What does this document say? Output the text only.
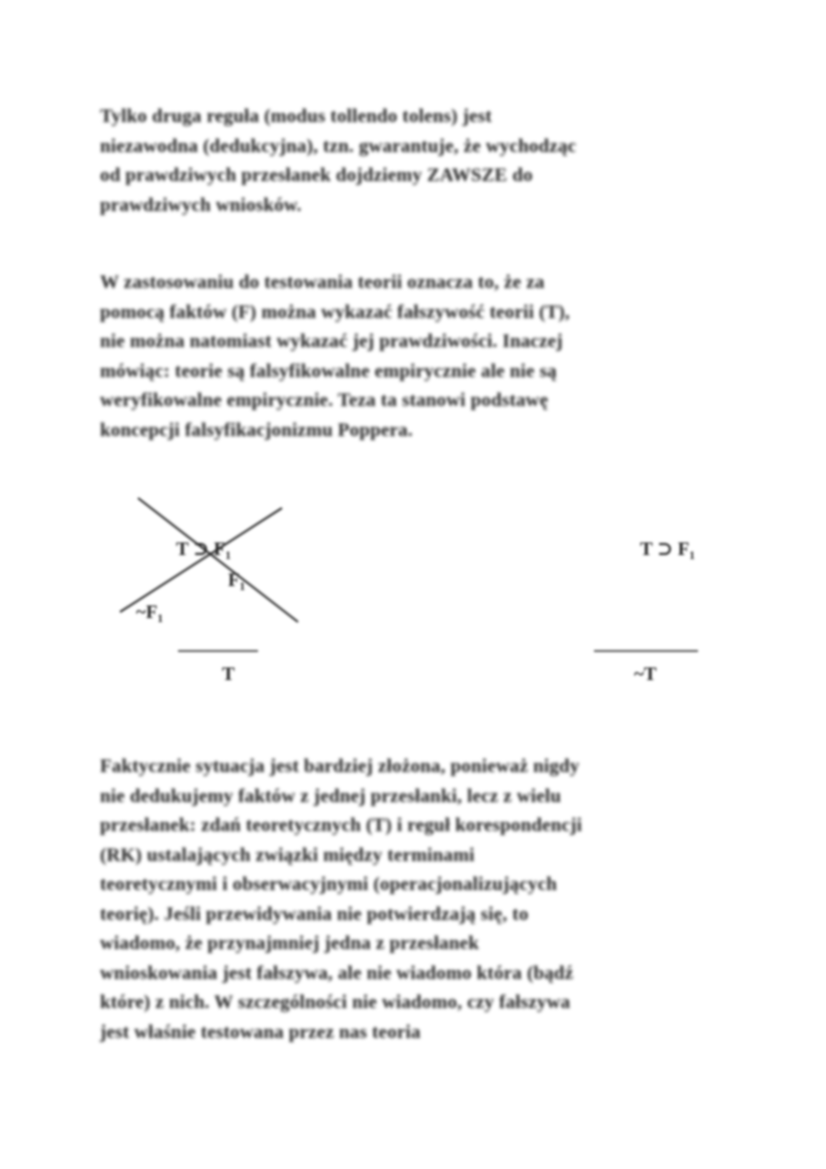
Tylko druga reguła (modus tollendo tolens) jest
niezawodna (dedukcyjna), tzn. gwarantuje, że wychodząc
od prawdziwych przesłanek dojdziemy ZAWSZE do
prawdziwych wniosków.
W zastosowaniu do testowania teorii oznacza to, że za
pomocą faktów (F) można wykazać fałszywość teorii (T),
nie można natomiast wykazać jej prawdziwości. Inaczej
mówiąc: teorie są falsyfikowalne empirycznie ale nie są
weryfikowalne empirycznie. Teza ta stanowi podstawę
koncepcji falsyfikacjonizmu Poppera.
T ⊃ F₁
F₁
~F₁
T
T ⊃ F₁
~T
Faktycznie sytuacja jest bardziej złożona, ponieważ nigdy
nie dedukujemy faktów z jednej przesłanki, lecz z wielu
przesłanek: zdań teoretycznych (T) i reguł korespondencji
(RK) ustalających związki między terminami
teoretycznymi i obserwacyjnymi (operacjonalizujących
teorię). Jeśli przewidywania nie potwierdzają się, to
wiadomo, że przynajmniej jedna z przesłanek
wnioskowania jest fałszywa, ale nie wiadomo która (bądź
które) z nich. W szczególności nie wiadomo, czy fałszywa
jest właśnie testowana przez nas teoria
